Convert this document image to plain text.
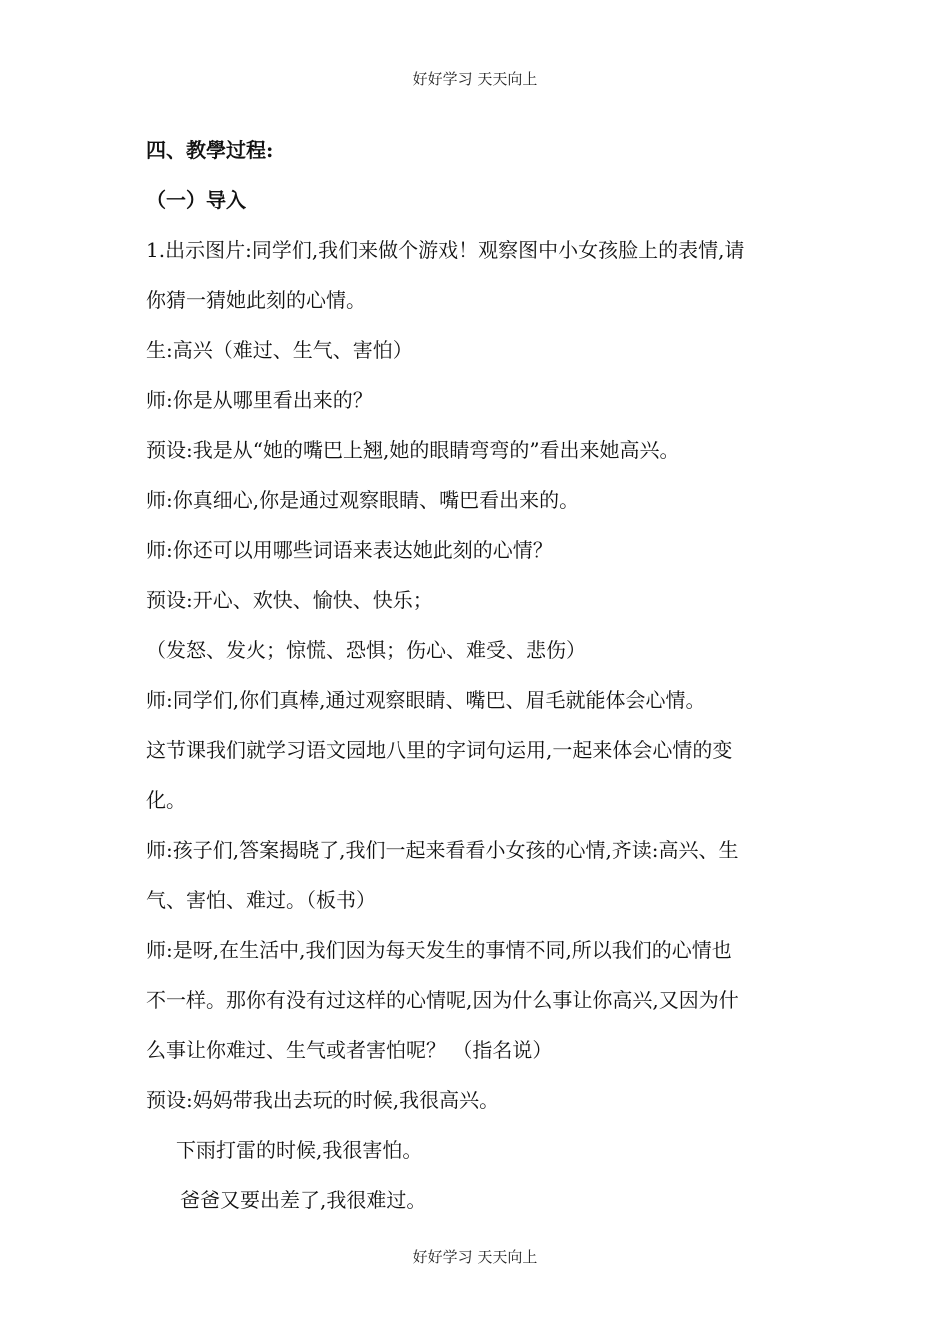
好好学习 天天向上
四、教學过程:
（一）导入
1.出示图片:同学们,我们来做个游戏！观察图中小女孩脸上的表情,请
你猜一猜她此刻的心情。
生:高兴（难过、生气、害怕）
师:你是从哪里看出来的？
预设:我是从“她的嘴巴上翘,她的眼睛弯弯的”看出来她高兴。
师:你真细心,你是通过观察眼睛、嘴巴看出来的。
师:你还可以用哪些词语来表达她此刻的心情？
预设:开心、欢快、愉快、快乐；
（发怒、发火；惊慌、恐惧；伤心、难受、悲伤）
师:同学们,你们真棒,通过观察眼睛、嘴巴、眉毛就能体会心情。
这节课我们就学习语文园地八里的字词句运用,一起来体会心情的变
化。
师:孩子们,答案揭晓了,我们一起来看看小女孩的心情,齐读:高兴、生
气、害怕、难过。（板书）
师:是呀,在生活中,我们因为每天发生的事情不同,所以我们的心情也
不一样。那你有没有过这样的心情呢,因为什么事让你高兴,又因为什
么事让你难过、生气或者害怕呢？ （指名说）
预设:妈妈带我出去玩的时候,我很高兴。
下雨打雷的时候,我很害怕。
爸爸又要出差了,我很难过。
好好学习 天天向上
